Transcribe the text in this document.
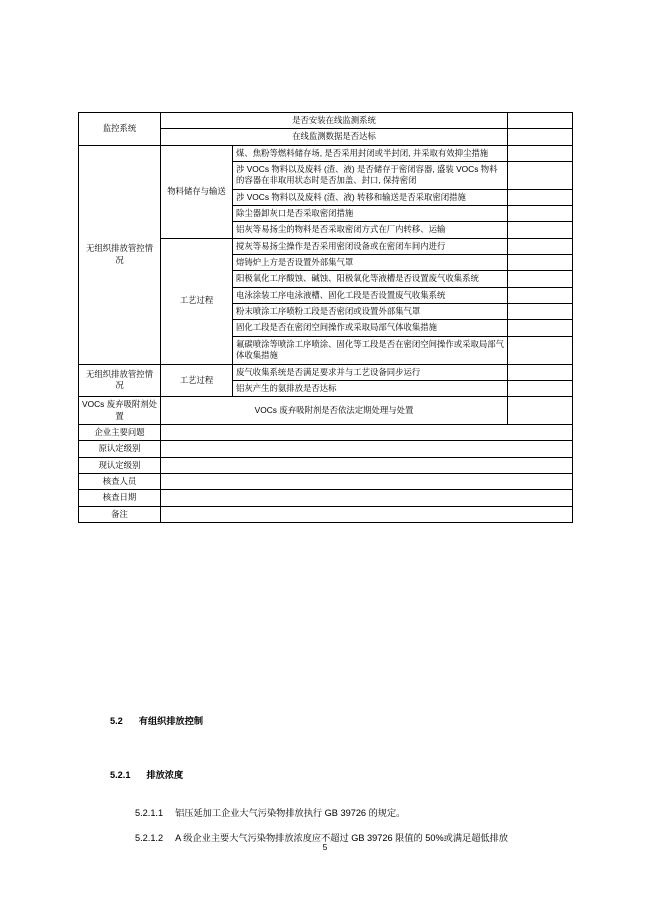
监控系统	是否安装在线监测系统		
	在线监测数据是否达标		
无组织排放管控情况	物料储存与输送	煤、焦粉等燃料储存场, 是否采用封闭或半封闭, 并采取有效抑尘措施	
		涉 VOCs 物料以及废料 (渣、液) 是否储存于密闭容器, 盛装 VOCs 物料的容器在非取用状态时是否加盖、封口, 保持密闭	
		涉 VOCs 物料以及废料 (渣、液) 转移和输送是否采取密闭措施	
		除尘器卸灰口是否采取密闭措施	
		铝灰等易扬尘的物料是否采取密闭方式在厂内转移、运输	
	工艺过程	搅灰等易扬尘操作是否采用密闭设备或在密闭车间内进行	
		熔铸炉上方是否设置外部集气罩	
		阳极氧化工序酸蚀、碱蚀、阳极氧化等液槽是否设置废气收集系统	
		电泳涂装工序电泳液槽、固化工段是否设置废气收集系统	
		粉末喷涂工序喷粉工段是否密闭或设置外部集气罩	
		固化工段是否在密闭空间操作或采取局部气体收集措施	
		氟碳喷涂等喷涂工序喷涂、固化等工段是否在密闭空间操作或采取局部气体收集措施	
无组织排放管控情况	工艺过程	废气收集系统是否满足要求并与工艺设备同步运行	
		铝灰产生的氨排放是否达标	
VOCs 废弃吸附剂处置	VOCs 废弃吸附剂是否依法定期处理与处置		
企业主要问题			
原认定级别			
现认定级别			
核查人员			
核查日期			
备注			
5.2 有组织排放控制
5.2.1 排放浓度
5.2.1.1 铝压延加工企业大气污染物排放执行 GB 39726 的规定。
5.2.1.2 A 级企业主要大气污染物排放浓度应不超过 GB 39726 限值的 50%或满足超低排放
5
